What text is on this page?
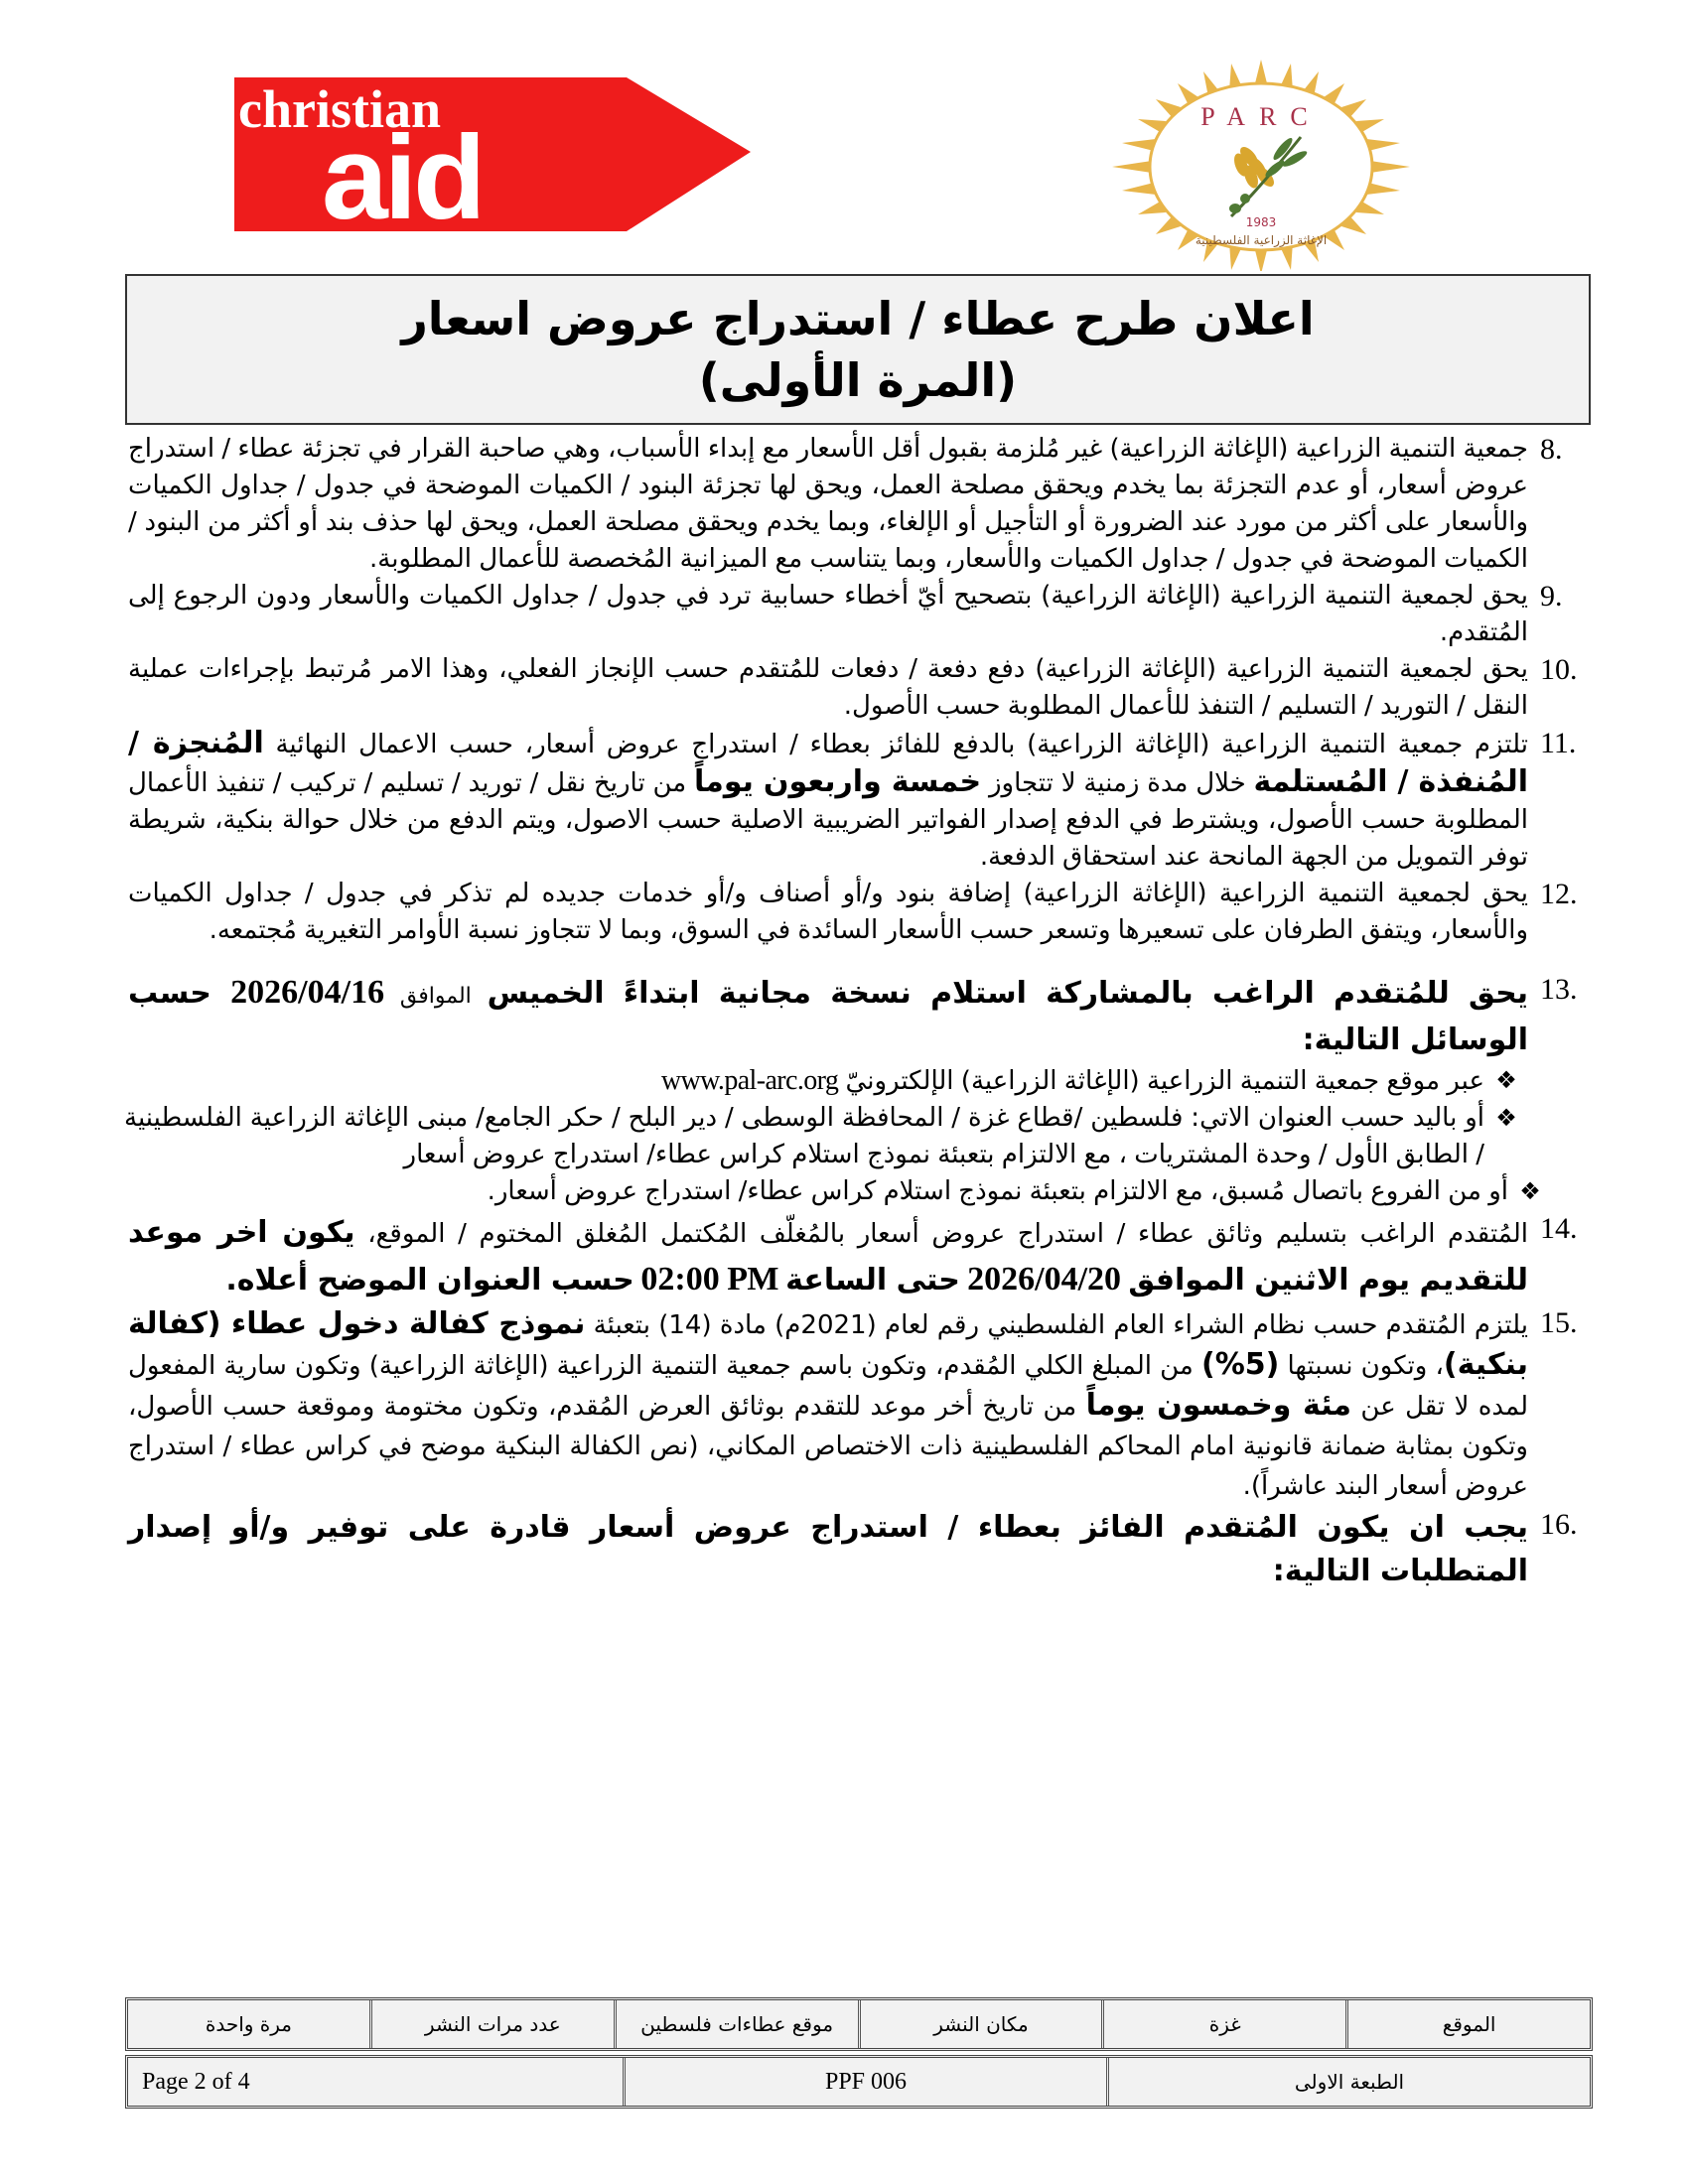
christian
aid	PARC
1983
الإغاثة الزراعية الفلسطينية
اعلان طرح عطاء / استدراج عروض اسعار
(المرة الأولى)
8.
جمعية التنمية الزراعية (الإغاثة الزراعية) غير مُلزمة بقبول أقل الأسعار مع إبداء الأسباب، وهي صاحبة القرار في تجزئة عطاء / استدراج عروض أسعار، أو عدم التجزئة بما يخدم ويحقق مصلحة العمل، ويحق لها تجزئة البنود / الكميات الموضحة في جدول / جداول الكميات والأسعار على أكثر من مورد عند الضرورة أو التأجيل أو الإلغاء، وبما يخدم ويحقق مصلحة العمل، ويحق لها حذف بند أو أكثر من البنود / الكميات الموضحة في جدول / جداول الكميات والأسعار، وبما يتناسب مع الميزانية المُخصصة للأعمال المطلوبة.
9.
يحق لجمعية التنمية الزراعية (الإغاثة الزراعية) بتصحيح أيّ أخطاء حسابية ترد في جدول / جداول الكميات والأسعار ودون الرجوع إلى المُتقدم.
10.
يحق لجمعية التنمية الزراعية (الإغاثة الزراعية) دفع دفعة / دفعات للمُتقدم حسب الإنجاز الفعلي، وهذا الامر مُرتبط بإجراءات عملية النقل / التوريد / التسليم / التنفذ للأعمال المطلوبة حسب الأصول.
11.
تلتزم جمعية التنمية الزراعية (الإغاثة الزراعية) بالدفع للفائز بعطاء / استدراج عروض أسعار، حسب الاعمال النهائية المُنجزة / المُنفذة / المُستلمة خلال مدة زمنية لا تتجاوز خمسة واربعون يوماً من تاريخ نقل / توريد / تسليم / تركيب / تنفيذ الأعمال المطلوبة حسب الأصول، ويشترط في الدفع إصدار الفواتير الضريبية الاصلية حسب الاصول، ويتم الدفع من خلال حوالة بنكية، شريطة توفر التمويل من الجهة المانحة عند استحقاق الدفعة.
12.
يحق لجمعية التنمية الزراعية (الإغاثة الزراعية) إضافة بنود و/أو أصناف و/أو خدمات جديده لم تذكر في جدول / جداول الكميات والأسعار، ويتفق الطرفان على تسعيرها وتسعر حسب الأسعار السائدة في السوق، وبما لا تتجاوز نسبة الأوامر التغيرية مُجتمعه.
13.
يحق للمُتقدم الراغب بالمشاركة استلام نسخة مجانية ابتداءً الخميس الموافق 2026/04/16 حسب الوسائل التالية:
❖
عبر موقع جمعية التنمية الزراعية (الإغاثة الزراعية) الإلكترونيّ www.pal-arc.org
❖
أو باليد حسب العنوان الاتي: فلسطين /قطاع غزة / المحافظة الوسطى / دير البلح / حكر الجامع/ مبنى الإغاثة الزراعية الفلسطينية / الطابق الأول / وحدة المشتريات ، مع الالتزام بتعبئة نموذج استلام كراس عطاء/ استدراج عروض أسعار
❖
أو من الفروع باتصال مُسبق، مع الالتزام بتعبئة نموذج استلام كراس عطاء/ استدراج عروض أسعار.
14.
المُتقدم الراغب بتسليم وثائق عطاء / استدراج عروض أسعار بالمُغلّف المُكتمل المُغلق المختوم / الموقع، يكون اخر موعد للتقديم يوم الاثنين الموافق 2026/04/20 حتى الساعة 02:00 PM حسب العنوان الموضح أعلاه.
15.
يلتزم المُتقدم حسب نظام الشراء العام الفلسطيني رقم لعام (2021م) مادة (14) بتعبئة نموذج كفالة دخول عطاء (كفالة بنكية)، وتكون نسبتها (5%) من المبلغ الكلي المُقدم، وتكون باسم جمعية التنمية الزراعية (الإغاثة الزراعية) وتكون سارية المفعول لمده لا تقل عن مئة وخمسون يوماً من تاريخ أخر موعد للتقدم بوثائق العرض المُقدم، وتكون مختومة وموقعة حسب الأصول، وتكون بمثابة ضمانة قانونية امام المحاكم الفلسطينية ذات الاختصاص المكاني، (نص الكفالة البنكية موضح في كراس عطاء / استدراج عروض أسعار البند عاشراً).
16.
يجب ان يكون المُتقدم الفائز بعطاء / استدراج عروض أسعار قادرة على توفير و/أو إصدار المتطلبات التالية:
الموقع
غزة
مكان النشر
موقع عطاءات فلسطين
عدد مرات النشر
مرة واحدة
الطبعة الاولى
PPF 006
Page 2 of 4
